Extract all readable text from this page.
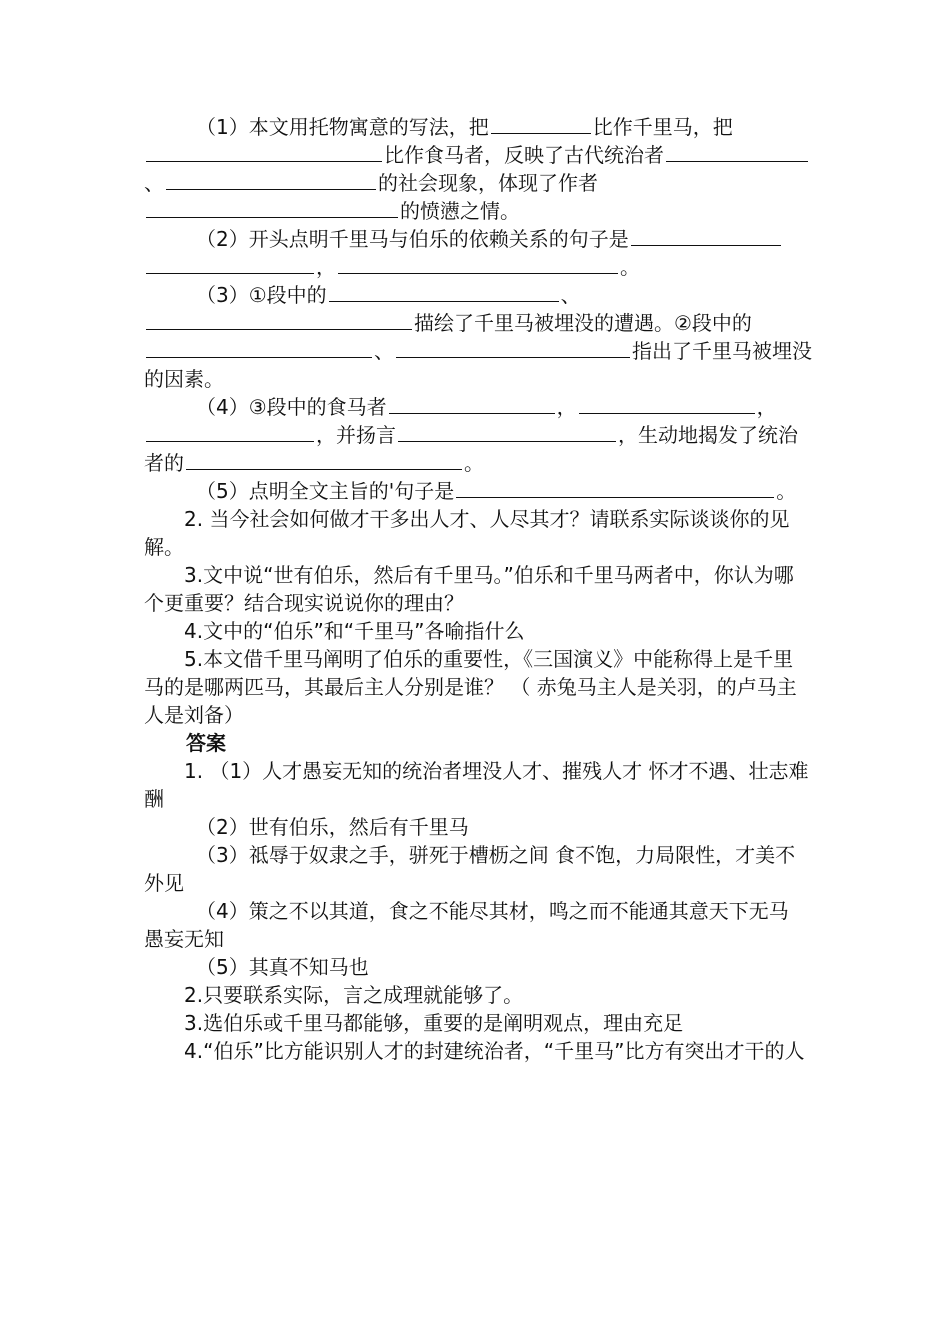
（1）本文用托物寓意的写法，把	比作千里马，把比作食马者，反映了古代统治者、	的社会现象，体现了作者的愤懑之情。

（2）开头点明千里马与伯乐的依赖关系的句子是，	。

（3）①段中的	、描绘了千里马被埋没的遭遇。②段中的、	指出了千里马被埋没的因素。

（4）③段中的食马者	，	，，并扬言	，生动地揭发了统治者的	。

（5）点明全文主旨的'句子是	。

2. 当今社会如何做才干多出人才、人尽其才？请联系实际谈谈你的见解。

3.文中说“世有伯乐，然后有千里马。”伯乐和千里马两者中，你认为哪个更重要？结合现实说说你的理由？

4.文中的“伯乐”和“千里马”各喻指什么

5.本文借千里马阐明了伯乐的重要性，《三国演义》中能称得上是千里马的是哪两匹马，其最后主人分别是谁？ （ 赤兔马主人是关羽，的卢马主人是刘备）

答案

1. （1）人才愚妄无知的统治者埋没人才、摧残人才 怀才不遇、壮志难酬

（2）世有伯乐，然后有千里马

（3）祗辱于奴隶之手，骈死于槽枥之间 食不饱，力局限性，才美不外见

（4）策之不以其道，食之不能尽其材，鸣之而不能通其意天下无马 愚妄无知

（5）其真不知马也

2.只要联系实际，言之成理就能够了。

3.选伯乐或千里马都能够，重要的是阐明观点，理由充足

4.“伯乐”比方能识别人才的封建统治者，“千里马”比方有突出才干的人
